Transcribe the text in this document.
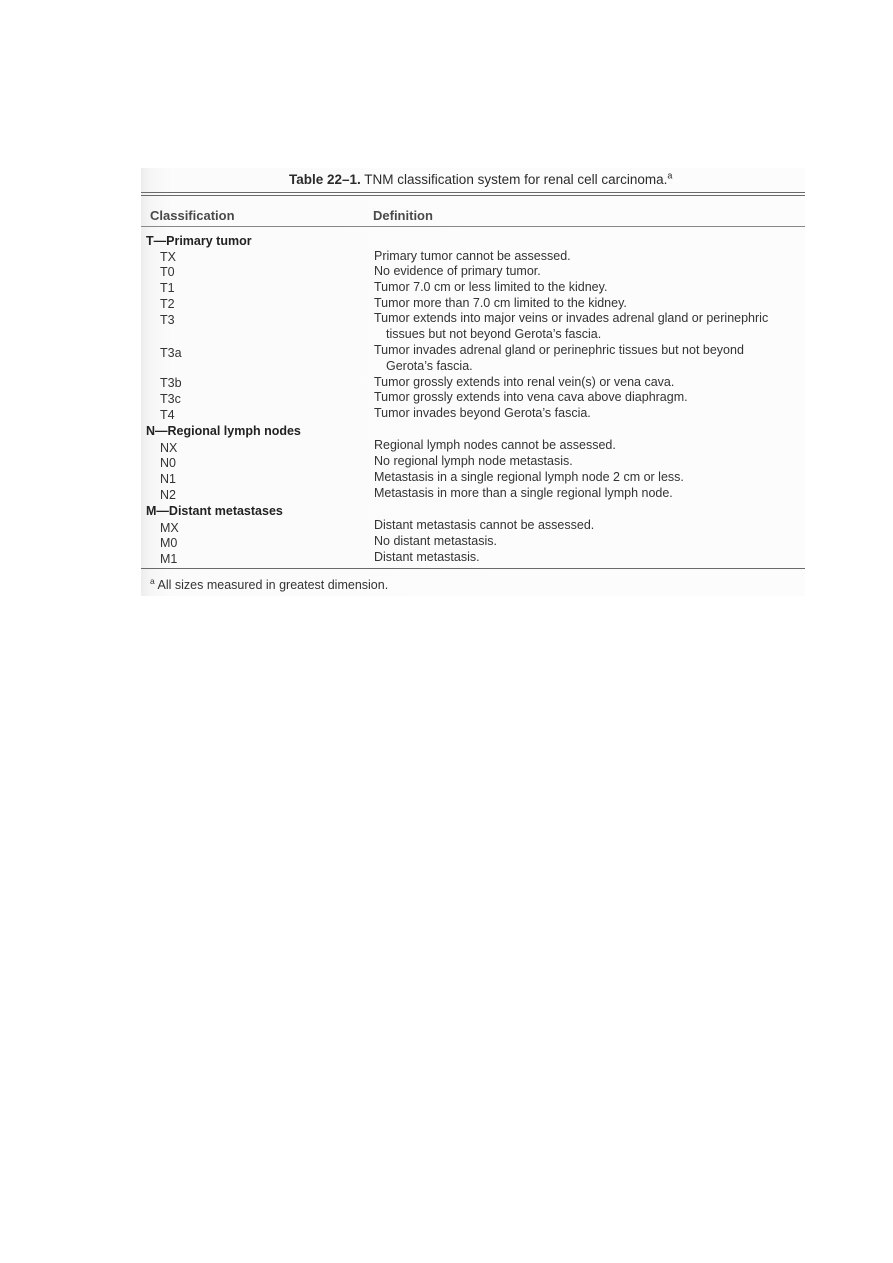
Table 22–1. TNM classification system for renal cell carcinoma.$^a$
Classification	Definition
T—Primary tumor
TX	Primary tumor cannot be assessed.
T0	No evidence of primary tumor.
T1	Tumor 7.0 cm or less limited to the kidney.
T2	Tumor more than 7.0 cm limited to the kidney.
T3	Tumor extends into major veins or invades adrenal gland or perinephric
tissues but not beyond Gerota’s fascia.
T3a	Tumor invades adrenal gland or perinephric tissues but not beyond
Gerota’s fascia.
T3b	Tumor grossly extends into renal vein(s) or vena cava.
T3c	Tumor grossly extends into vena cava above diaphragm.
T4	Tumor invades beyond Gerota’s fascia.
N—Regional lymph nodes
NX	Regional lymph nodes cannot be assessed.
N0	No regional lymph node metastasis.
N1	Metastasis in a single regional lymph node 2 cm or less.
N2	Metastasis in more than a single regional lymph node.
M—Distant metastases
MX	Distant metastasis cannot be assessed.
M0	No distant metastasis.
M1	Distant metastasis.
$^a$ All sizes measured in greatest dimension.
